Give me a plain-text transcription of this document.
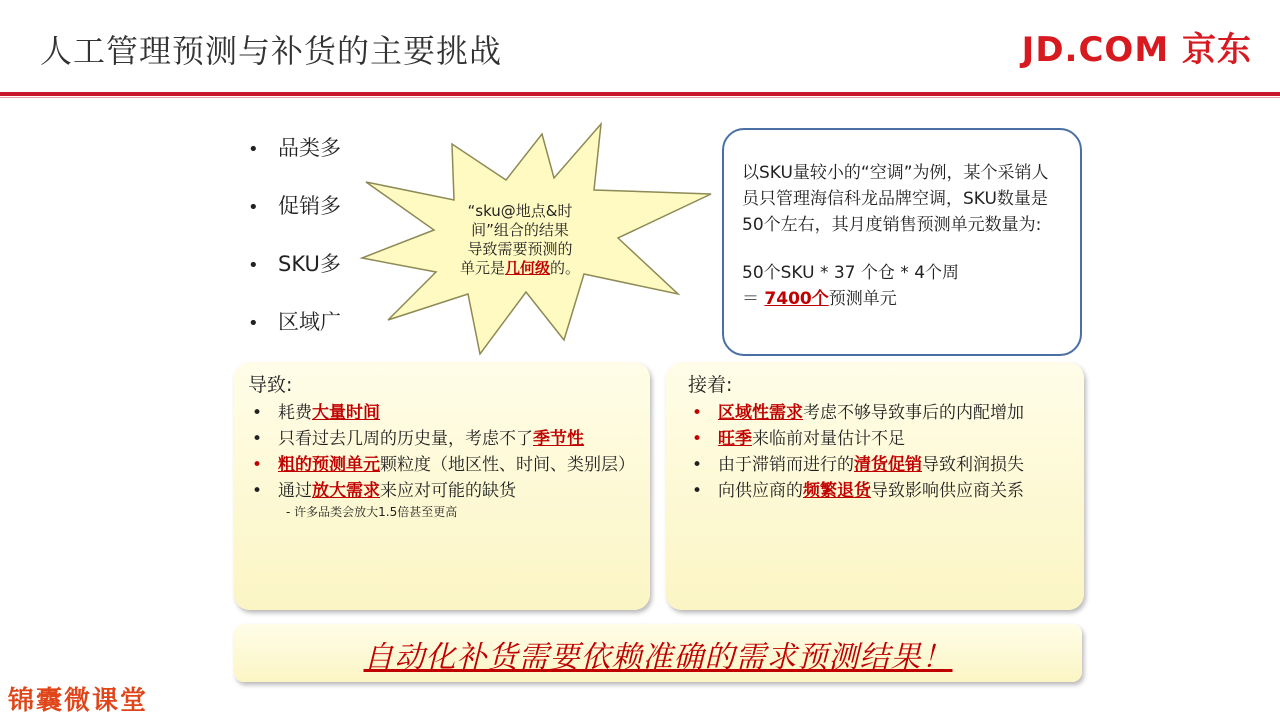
人工管理预测与补货的主要挑战	JD.COM 京东
• 品类多
• 促销多
• SKU多
• 区域广
“sku@地点&时
间”组合的结果
导致需要预测的
单元是几何级的。
以SKU量较小的“空调”为例，某个采销人员只管理海信科龙品牌空调，SKU数量是50个左右，其月度销售预测单元数量为:
50个SKU * 37 个仓 * 4个周
＝ 7400个预测单元
导致:
• 耗费大量时间
• 只看过去几周的历史量，考虑不了季节性
• 粗的预测单元颗粒度（地区性、时间、类别层）
• 通过放大需求来应对可能的缺货
- 许多品类会放大1.5倍甚至更高
接着:
• 区域性需求考虑不够导致事后的内配增加
• 旺季来临前对量估计不足
• 由于滞销而进行的清货促销导致利润损失
• 向供应商的频繁退货导致影响供应商关系
自动化补货需要依赖准确的需求预测结果！
锦囊微课堂
